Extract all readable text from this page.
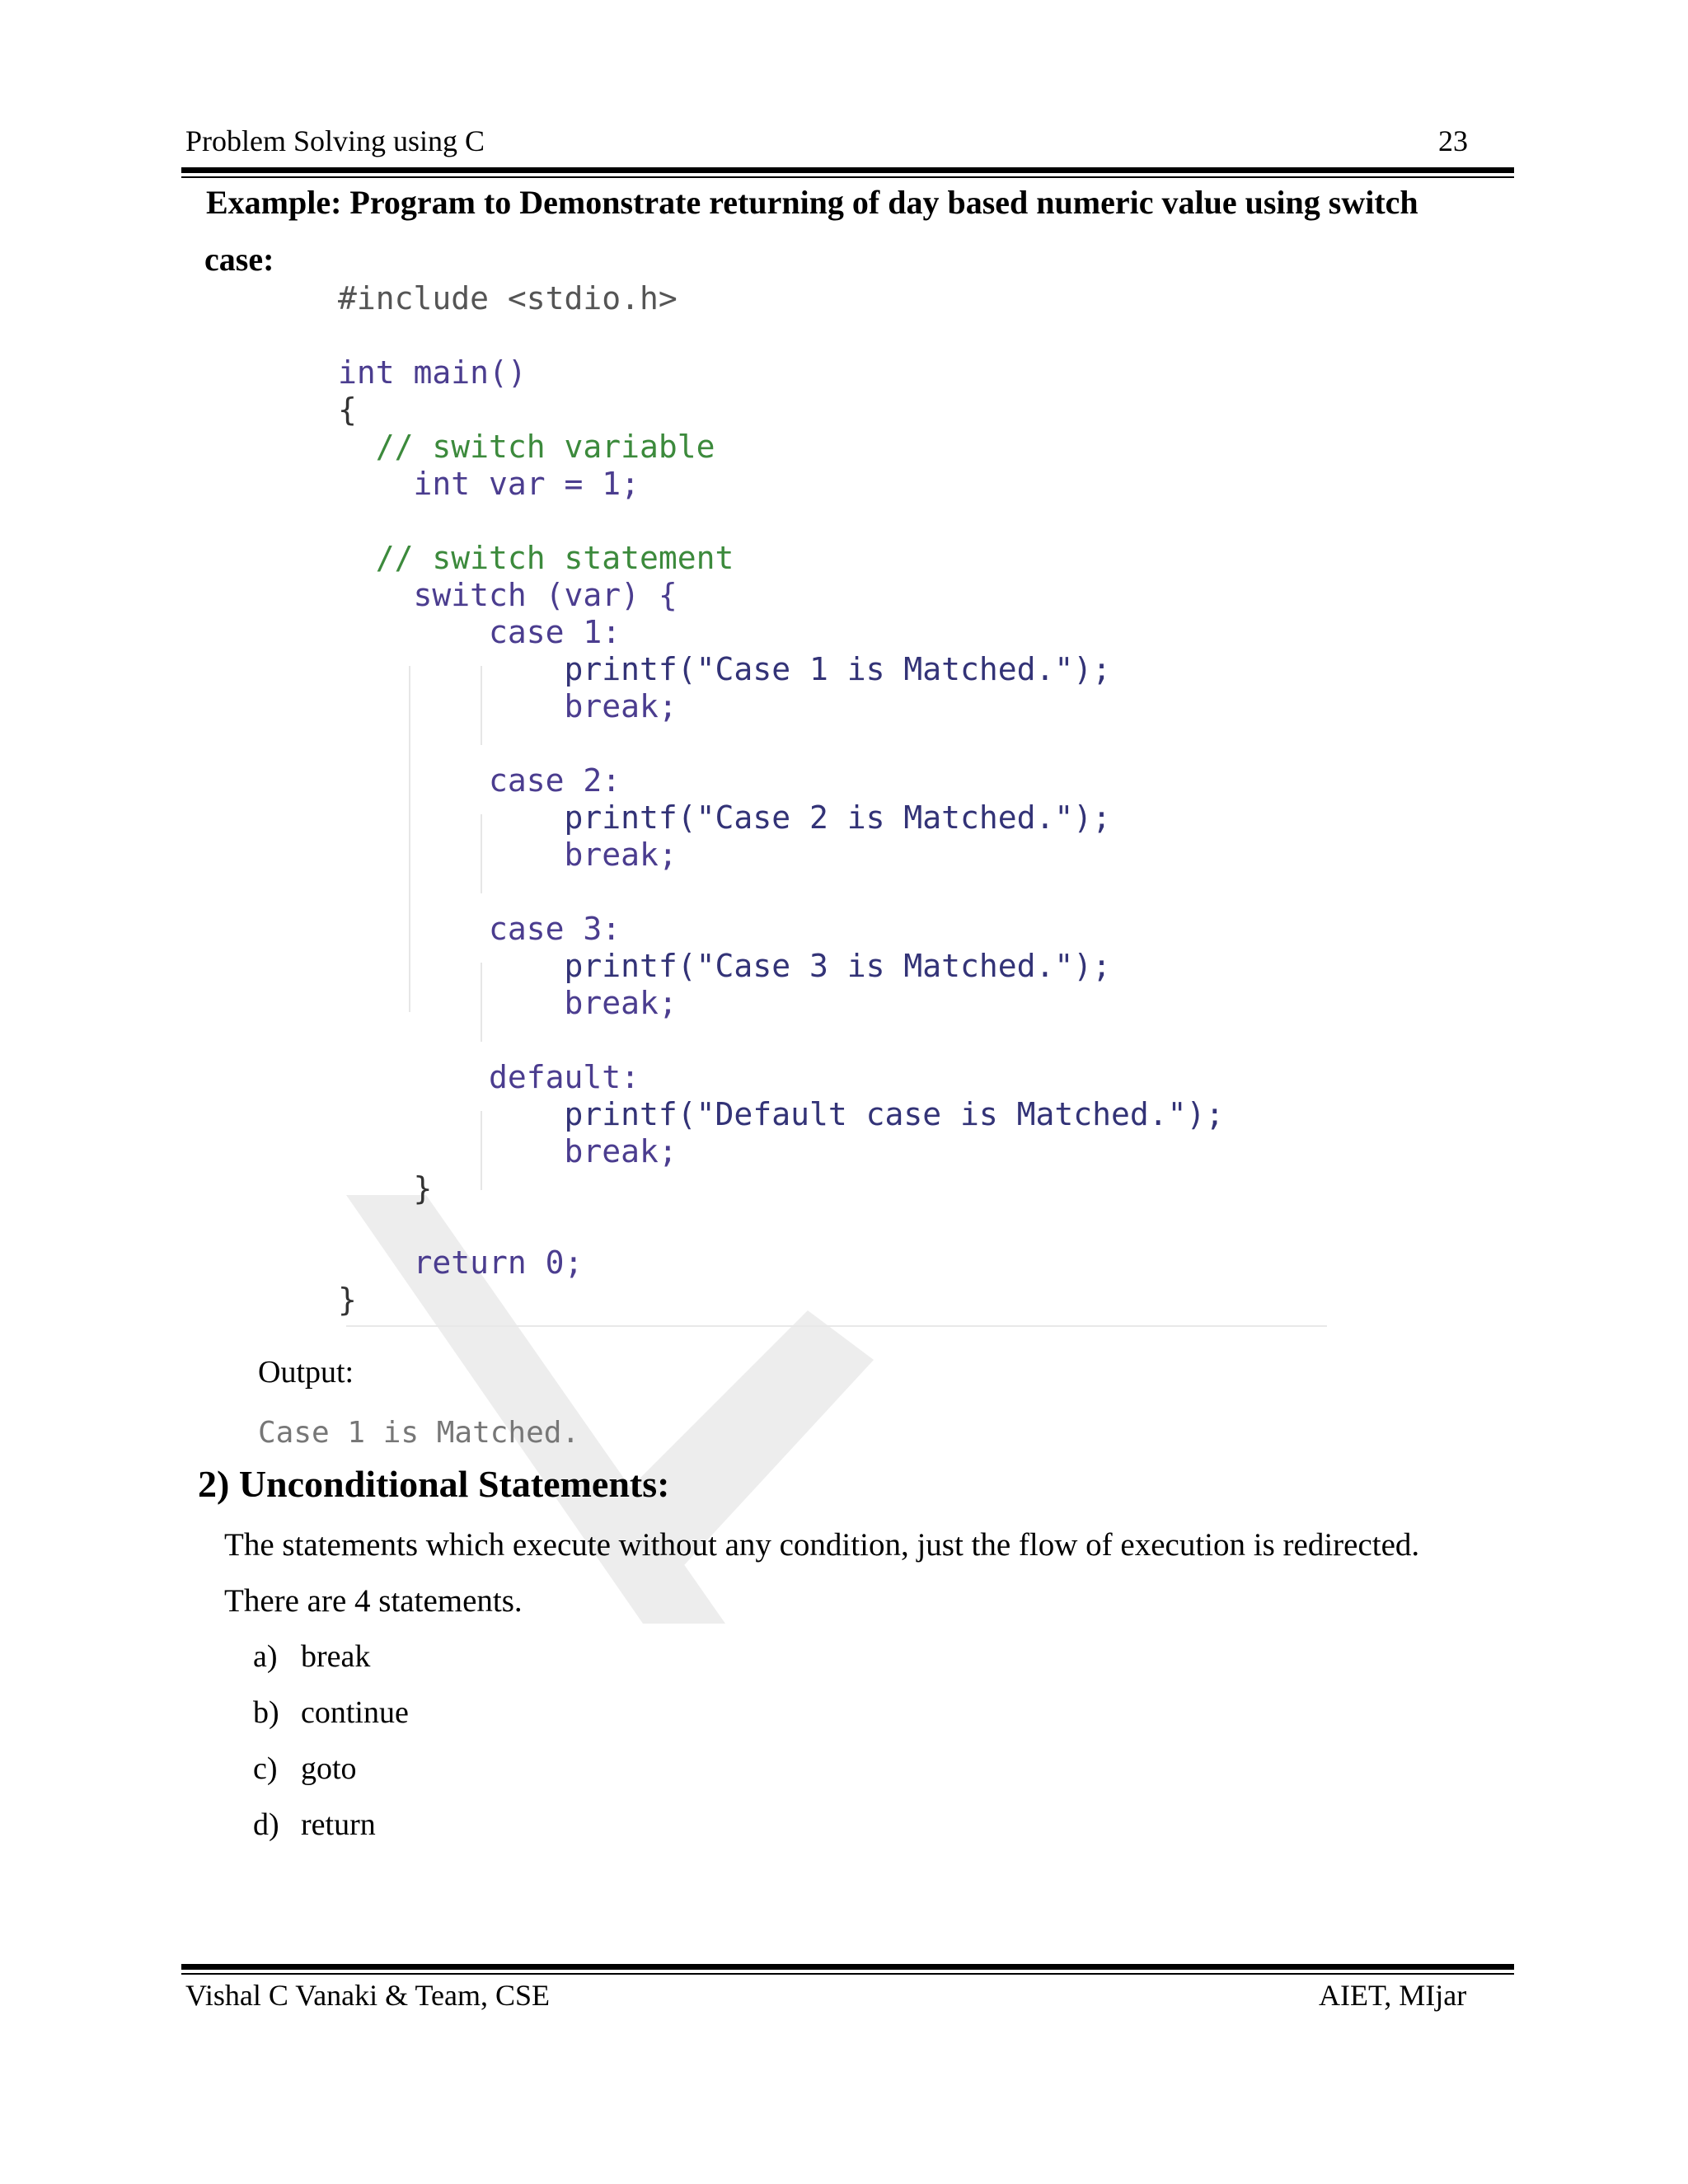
Problem Solving using C	23
Example: Program to Demonstrate returning of day based numeric value using switch
case:
#include <stdio.h>
int main()
{
// switch variable
int var = 1;
// switch statement
switch (var) {
case 1:
printf("Case 1 is Matched.");
break;
case 2:
printf("Case 2 is Matched.");
break;
case 3:
printf("Case 3 is Matched.");
break;
default:
printf("Default case is Matched.");
break;
}
return 0;
}
Output:
Case 1 is Matched.
2) Unconditional Statements:
The statements which execute without any condition, just the flow of execution is redirected.
There are 4 statements.
a) break
b) continue
c) goto
d) return
Vishal C Vanaki & Team, CSE	AIET, MIjar
